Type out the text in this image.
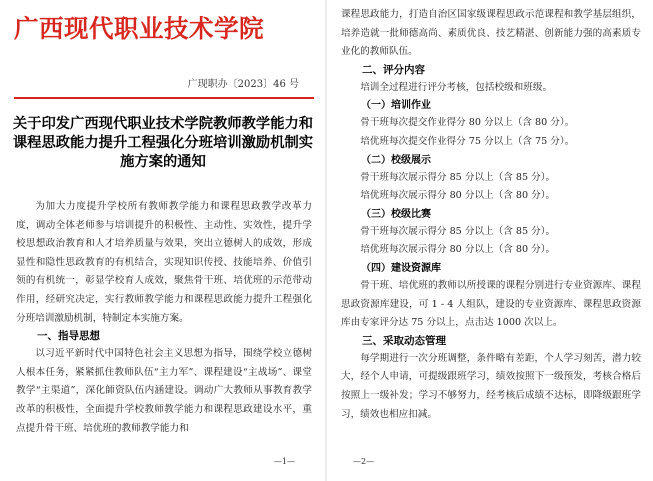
广西现代职业技术学院
广现职办〔2023〕46 号
关于印发广西现代职业技术学院教师教学能力和课程思政能力提升工程强化分班培训激励机制实施方案的通知

为加大力度提升学校所有教师教学能力和课程思政教学改革力度，调动全体老师参与培训提升的积极性、主动性、实效性，提升学校思想政治教育和人才培养质量与效果，突出立德树人的成效，形成显性和隐性思政教育的有机结合，实现知识传授、技能培养、价值引领的有机统一，彰显学校育人成效，聚焦骨干班、培优班的示范带动作用，经研究决定，实行教师教学能力和课程思政能力提升工程强化分班培训激励机制，特制定本实施方案。

一、指导思想

以习近平新时代中国特色社会主义思想为指导，围绕学校立德树人根本任务，紧紧抓住教师队伍“主力军”、课程建设“主战场”、课堂教学“主渠道”，深化師资队伍内涵建设。调动广大教师从事教育教学改革的积极性，全面提升学校教师教学能力和课程思政建设水平，重点提升骨干班、培优班的教师教学能力和

—1—

课程思政能力，打造自治区国家级课程思政示范课程和教学基层组织，培养造就一批师德高尚、素质优良、技艺精湛、创新能力强的高素质专业化的教师队伍。

二、评分内容

培训全过程进行评分考核，包括校级和班级。

（一）培训作业

骨干班每次提交作业得分 80 分以上（含 80 分）。

培优班每次提交作业得分 75 分以上（含 75 分）。

（二）校级展示

骨干班每次展示得分 85 分以上（含 85 分）。

培优班每次展示得分 80 分以上（含 80 分）。

（三）校级比赛

骨干班每次展示得分 85 分以上（含 85 分）。

培优班每次展示得分 80 分以上（含 80 分）。

（四）建设资源库

骨干班、培优班的教师以所授课的课程分别进行专业资源库、课程思政资源库建设，可 1 - 4 人组队，建设的专业资源库、课程思政资源库由专家评分达 75 分以上，点击达 1000 次以上。

三、采取动态管理

每学期进行一次分班调整，条件略有差距，个人学习刻苦，潜力较大，经个人申请，可提级跟班学习，绩效按照下一级预发，考核合格后按照上一级补发；学习不够努力，经考核后成绩不达标，即降级跟班学习，绩效也相应扣减。

—2—
